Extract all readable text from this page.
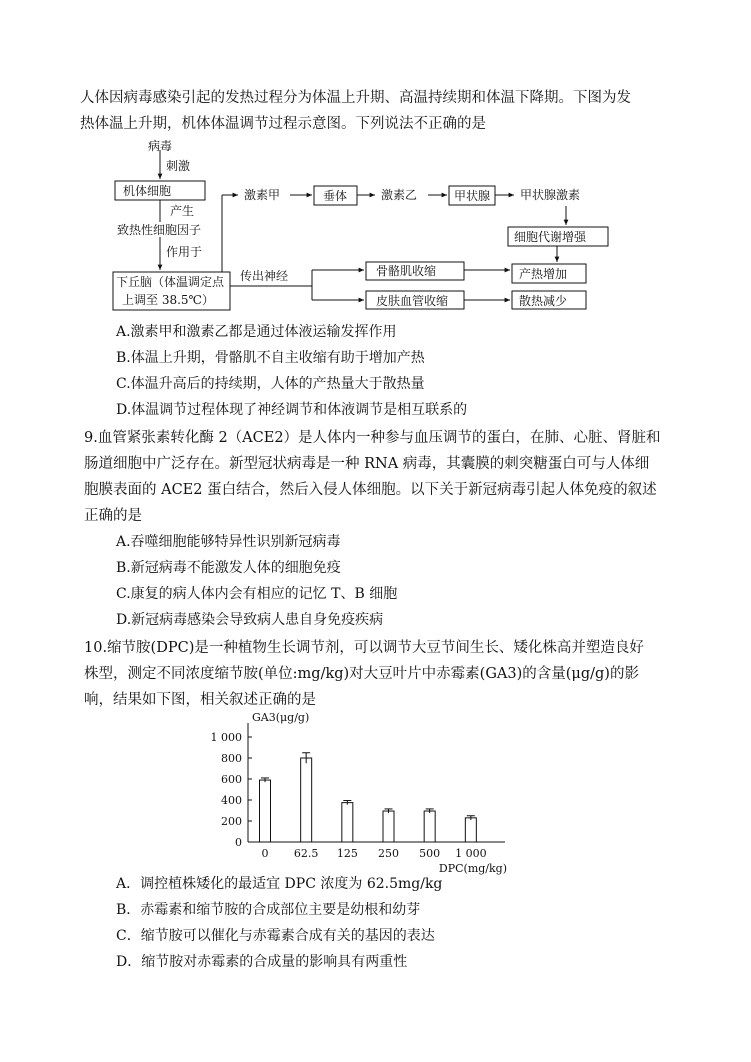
人体因病毒感染引起的发热过程分为体温上升期、高温持续期和体温下降期。下图为发
热体温上升期，机体体温调节过程示意图。下列说法不正确的是
病毒
刺激
机体细胞
产生
致热性细胞因子
作用于
下丘脑（体温调定点
上调至 38.5℃）
激素甲	垂体	激素乙	甲状腺 甲状腺激素
细胞代谢增强
传出神经	骨骼肌收缩
皮肤血管收缩
产热增加
散热减少
A.激素甲和激素乙都是通过体液运输发挥作用
B.体温上升期，骨骼肌不自主收缩有助于增加产热
C.体温升高后的持续期，人体的产热量大于散热量
D.体温调节过程体现了神经调节和体液调节是相互联系的
9.血管紧张素转化酶 2（ACE2）是人体内一种参与血压调节的蛋白，在肺、心脏、肾脏和
肠道细胞中广泛存在。新型冠状病毒是一种 RNA 病毒，其囊膜的刺突糖蛋白可与人体细
胞膜表面的 ACE2 蛋白结合，然后入侵人体细胞。以下关于新冠病毒引起人体免疫的叙述
正确的是
A.吞噬细胞能够特异性识别新冠病毒
B.新冠病毒不能激发人体的细胞免疫
C.康复的病人体内会有相应的记忆 T、B 细胞
D.新冠病毒感染会导致病人患自身免疫疾病
10.缩节胺(DPC)是一种植物生长调节剂，可以调节大豆节间生长、矮化株高并塑造良好
株型，测定不同浓度缩节胺(单位:mg/kg)对大豆叶片中赤霉素(GA3)的含量(μg/g)的影
响，结果如下图，相关叙述正确的是
0
200
400
600
800
1 000
GA3(μg/g)
0 62.5 125 250 500 1 000
DPC(mg/kg)
A．调控植株矮化的最适宜 DPC 浓度为 62.5mg/kg
B．赤霉素和缩节胺的合成部位主要是幼根和幼芽
C．缩节胺可以催化与赤霉素合成有关的基因的表达
D．缩节胺对赤霉素的合成量的影响具有两重性
